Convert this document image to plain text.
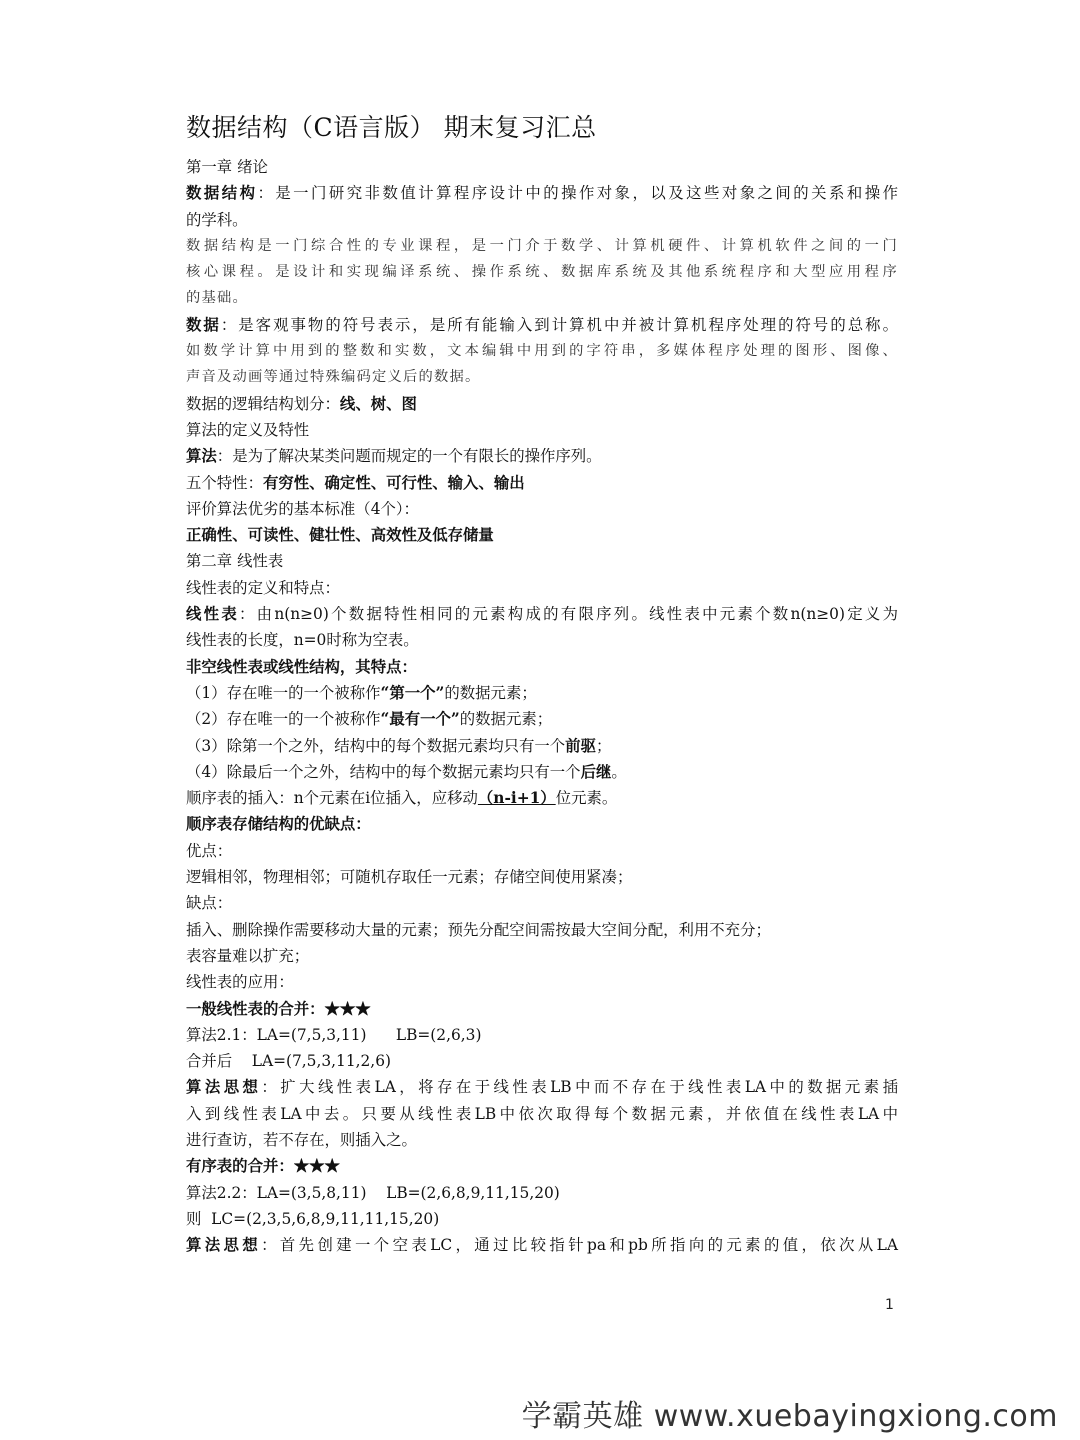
数据结构（C语言版） 期末复习汇总
第一章 绪论
数据结构：是一门研究非数值计算程序设计中的操作对象，以及这些对象之间的关系和操作
的学科。
数据结构是一门综合性的专业课程，是一门介于数学、计算机硬件、计算机软件之间的一门
核心课程。是设计和实现编译系统、操作系统、数据库系统及其他系统程序和大型应用程序
的基础。
数据：是客观事物的符号表示，是所有能输入到计算机中并被计算机程序处理的符号的总称。
如数学计算中用到的整数和实数，文本编辑中用到的字符串，多媒体程序处理的图形、图像、
声音及动画等通过特殊编码定义后的数据。
数据的逻辑结构划分：线、树、图
算法的定义及特性
算法：是为了解决某类问题而规定的一个有限长的操作序列。
五个特性：有穷性、确定性、可行性、输入、输出
评价算法优劣的基本标准（4个）：
正确性、可读性、健壮性、高效性及低存储量
第二章 线性表
线性表的定义和特点：
线性表：由n(n≥0)个数据特性相同的元素构成的有限序列。线性表中元素个数n(n≥0)定义为
线性表的长度，n=0时称为空表。
非空线性表或线性结构，其特点：
（1）存在唯一的一个被称作“第一个”的数据元素；
（2）存在唯一的一个被称作“最有一个”的数据元素；
（3）除第一个之外，结构中的每个数据元素均只有一个前驱；
（4）除最后一个之外，结构中的每个数据元素均只有一个后继。
顺序表的插入：n个元素在i位插入，应移动（n-i+1）位元素。
顺序表存储结构的优缺点：
优点：
逻辑相邻，物理相邻；可随机存取任一元素；存储空间使用紧凑；
缺点：
插入、删除操作需要移动大量的元素；预先分配空间需按最大空间分配，利用不充分；
表容量难以扩充；
线性表的应用：
一般线性表的合并：★★★
算法2.1：LA=(7,5,3,11)      LB=(2,6,3)
合并后    LA=(7,5,3,11,2,6)
算法思想：扩大线性表LA，将存在于线性表LB中而不存在于线性表LA中的数据元素插
入到线性表LA中去。只要从线性表LB中依次取得每个数据元素，并依值在线性表LA中
进行查访，若不存在，则插入之。
有序表的合并：★★★
算法2.2：LA=(3,5,8,11)    LB=(2,6,8,9,11,15,20)
则  LC=(2,3,5,6,8,9,11,11,15,20)
算法思想：首先创建一个空表LC，通过比较指针pa和pb所指向的元素的值，依次从LA
1
学霸英雄 www.xuebayingxiong.com
